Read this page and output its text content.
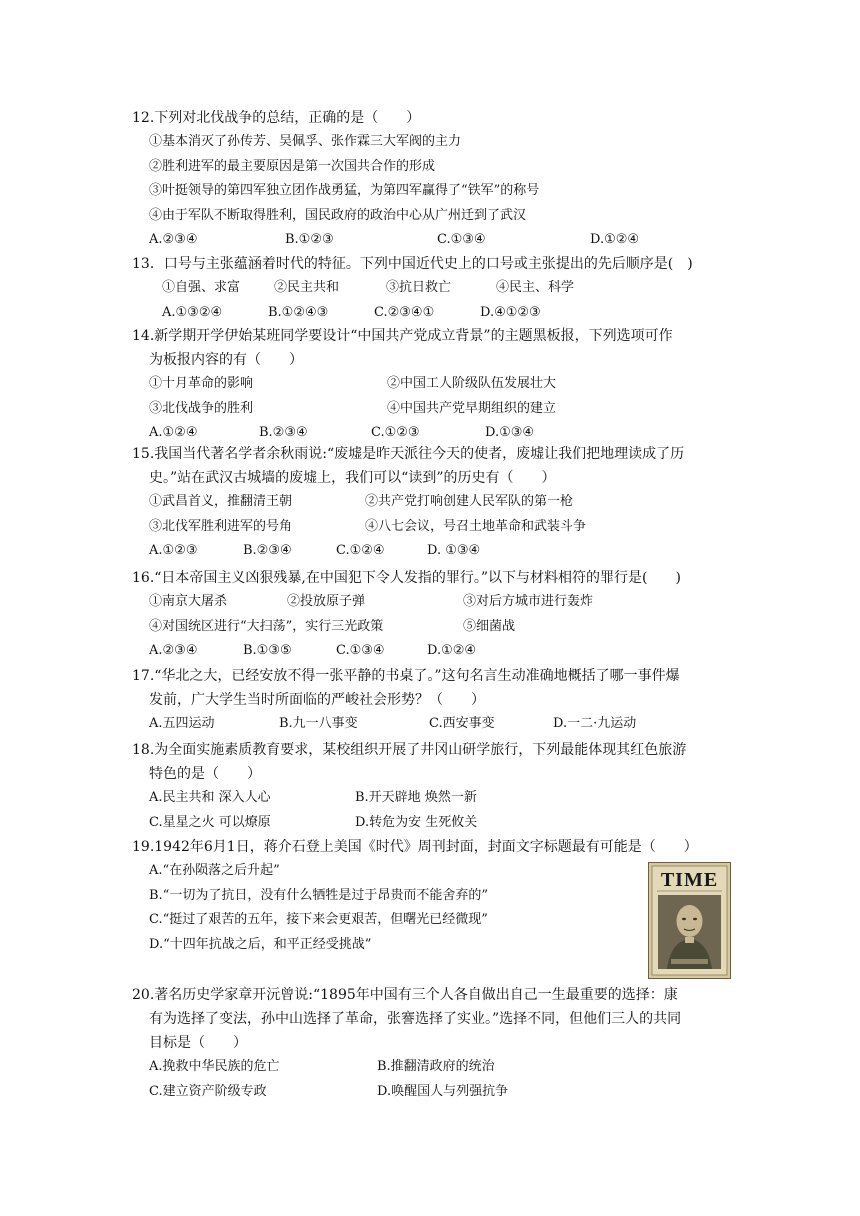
12.下列对北伐战争的总结，正确的是（　　）

①基本消灭了孙传芳、吴佩孚、张作霖三大军阀的主力
②胜利进军的最主要原因是第一次国共合作的形成
③叶挺领导的第四军独立团作战勇猛，为第四军赢得了“铁军”的称号
④由于军队不断取得胜利，国民政府的政治中心从广州迁到了武汉
A.②③④	B.①②③	C.①③④	D.①②④

13．口号与主张蕴涵着时代的特征。下列中国近代史上的口号或主张提出的先后顺序是(　)

①自强、求富	②民主共和	③抗日救亡	④民主、科学
A.①③②④	B.①②④③	C.②③④①	D.④①②③

14.新学期开学伊始某班同学要设计“中国共产党成立背景”的主题黑板报，下列选项可作

为板报内容的有（　　）

①十月革命的影响	②中国工人阶级队伍发展壮大
③北伐战争的胜利	④中国共产党早期组织的建立
A.①②④	B.②③④	C.①②③	D.①③④

15.我国当代著名学者余秋雨说:“废墟是昨天派往今天的使者，废墟让我们把地理读成了历

史。”站在武汉古城墙的废墟上，我们可以“读到”的历史有（　　）

①武昌首义，推翻清王朝	②共产党打响创建人民军队的第一枪
③北伐军胜利进军的号角	④八七会议，号召土地革命和武装斗争
A.①②③	B.②③④	C.①②④	D. ①③④

16.“日本帝国主义凶狠残暴,在中国犯下令人发指的罪行。”以下与材料相符的罪行是(　　)

①南京大屠杀	②投放原子弹	③对后方城市进行轰炸
④对国统区进行“大扫荡”，实行三光政策	⑤细菌战
A.②③④	B.①③⑤	C.①③④	D.①②④

17.“华北之大，已经安放不得一张平静的书桌了。”这句名言生动准确地概括了哪一事件爆

发前，广大学生当时所面临的严峻社会形势？（　　）

A.五四运动	B.九一八事变	C.西安事变	D.一二·九运动

18.为全面实施素质教育要求，某校组织开展了井冈山研学旅行，下列最能体现其红色旅游

特色的是（　　）

A.民主共和 深入人心	B.开天辟地 焕然一新
C.星星之火 可以燎原	D.转危为安 生死攸关

19.1942年6月1日，蒋介石登上美国《时代》周刊封面，封面文字标题最有可能是（　　）

A.“在孙陨落之后升起”
B.“一切为了抗日，没有什么牺牲是过于昂贵而不能舍弃的”
C.“挺过了艰苦的五年，接下来会更艰苦，但曙光已经微现”
D.“十四年抗战之后，和平正经受挑战”
TIME

20.著名历史学家章开沅曾说:“1895年中国有三个人各自做出自己一生最重要的选择：康

有为选择了变法，孙中山选择了革命，张謇选择了实业。”选择不同，但他们三人的共同

目标是（　　）

A.挽救中华民族的危亡	B.推翻清政府的统治
C.建立资产阶级专政	D.唤醒国人与列强抗争
